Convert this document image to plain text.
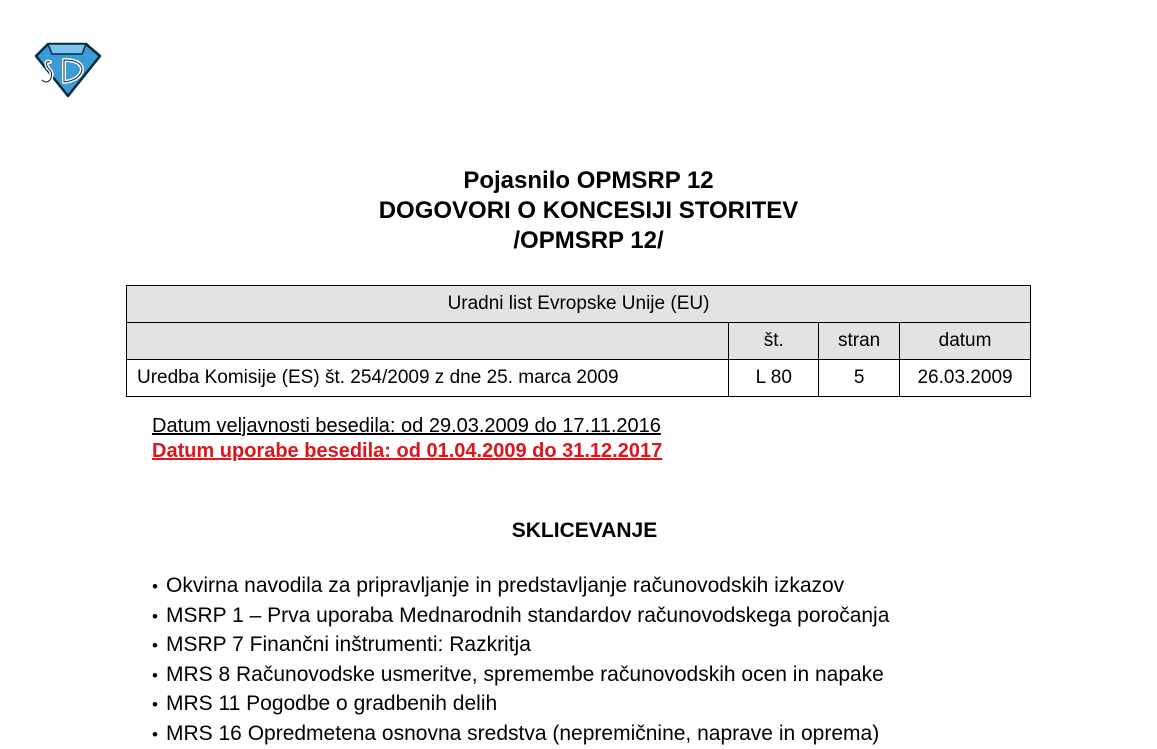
Pojasnilo OPMSRP 12
DOGOVORI O KONCESIJI STORITEV
/OPMSRP 12/
Uradni list Evropske Unije (EU)			
	št.	stran	datum
Uredba Komisije (ES) št. 254/2009 z dne 25. marca 2009	L 80	5	26.03.2009
Datum veljavnosti besedila: od 29.03.2009 do 17.11.2016
Datum uporabe besedila: od 01.04.2009 do 31.12.2017
SKLICEVANJE
• Okvirna navodila za pripravljanje in predstavljanje računovodskih izkazov
• MSRP 1 – Prva uporaba Mednarodnih standardov računovodskega poročanja
• MSRP 7 Finančni inštrumenti: Razkritja
• MRS 8 Računovodske usmeritve, spremembe računovodskih ocen in napake
• MRS 11 Pogodbe o gradbenih delih
• MRS 16 Opredmetena osnovna sredstva (nepremičnine, naprave in oprema)
